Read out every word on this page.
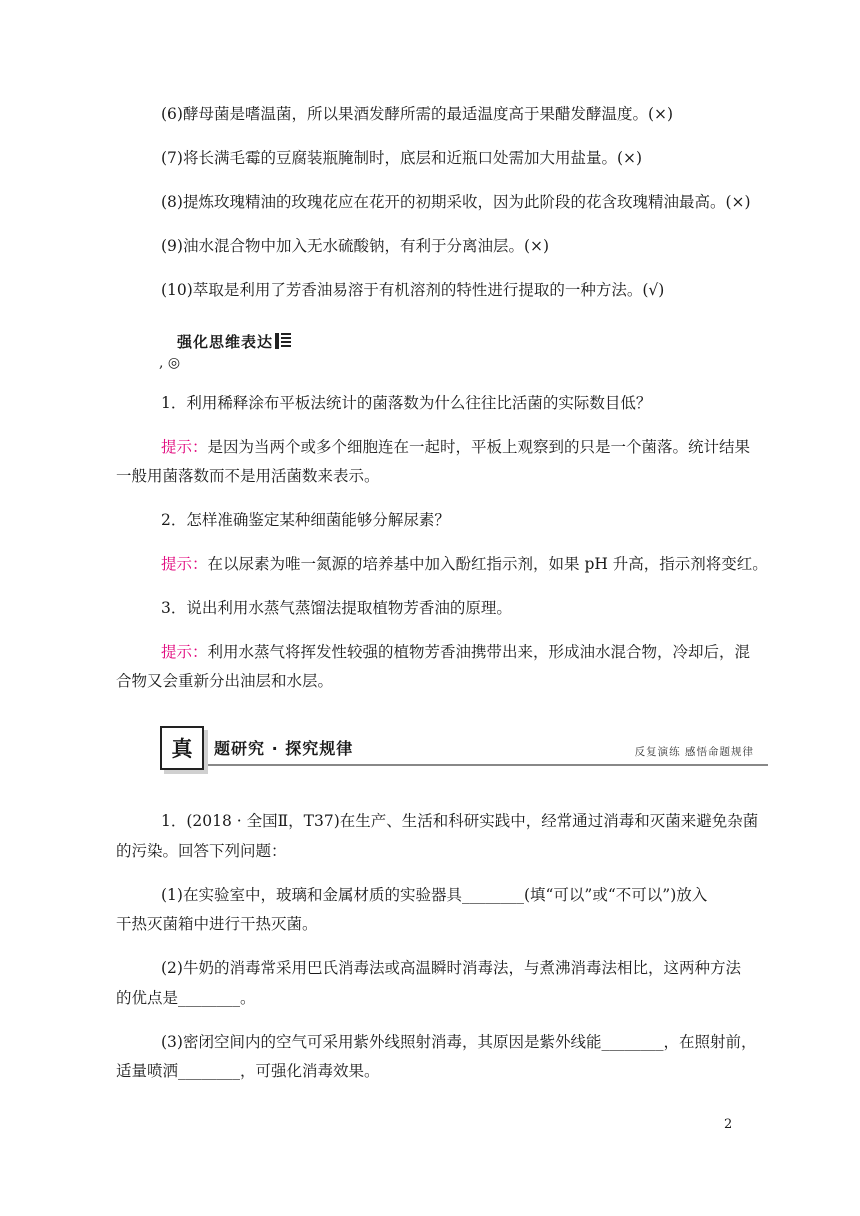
(6)酵母菌是嗜温菌，所以果酒发酵所需的最适温度高于果醋发酵温度。(×)
(7)将长满毛霉的豆腐装瓶腌制时，底层和近瓶口处需加大用盐量。(×)
(8)提炼玫瑰精油的玫瑰花应在花开的初期采收，因为此阶段的花含玫瑰精油最高。(×)
(9)油水混合物中加入无水硫酸钠，有利于分离油层。(×)
(10)萃取是利用了芳香油易溶于有机溶剂的特性进行提取的一种方法。(√)
强化思维表达
, ◎
1．利用稀释涂布平板法统计的菌落数为什么往往比活菌的实际数目低？
提示：是因为当两个或多个细胞连在一起时，平板上观察到的只是一个菌落。统计结果
一般用菌落数而不是用活菌数来表示。
2．怎样准确鉴定某种细菌能够分解尿素？
提示：在以尿素为唯一氮源的培养基中加入酚红指示剂，如果 pH 升高，指示剂将变红。
3．说出利用水蒸气蒸馏法提取植物芳香油的原理。
提示：利用水蒸气将挥发性较强的植物芳香油携带出来，形成油水混合物，冷却后，混
合物又会重新分出油层和水层。
真	题研究 · 探究规律	反复演练 感悟命题规律
1．(2018 · 全国Ⅱ，T37)在生产、生活和科研实践中，经常通过消毒和灭菌来避免杂菌
的污染。回答下列问题：
(1)在实验室中，玻璃和金属材质的实验器具________(填“可以”或“不可以”)放入
干热灭菌箱中进行干热灭菌。
(2)牛奶的消毒常采用巴氏消毒法或高温瞬时消毒法，与煮沸消毒法相比，这两种方法
的优点是________。
(3)密闭空间内的空气可采用紫外线照射消毒，其原因是紫外线能________，在照射前，
适量喷洒________，可强化消毒效果。
2
